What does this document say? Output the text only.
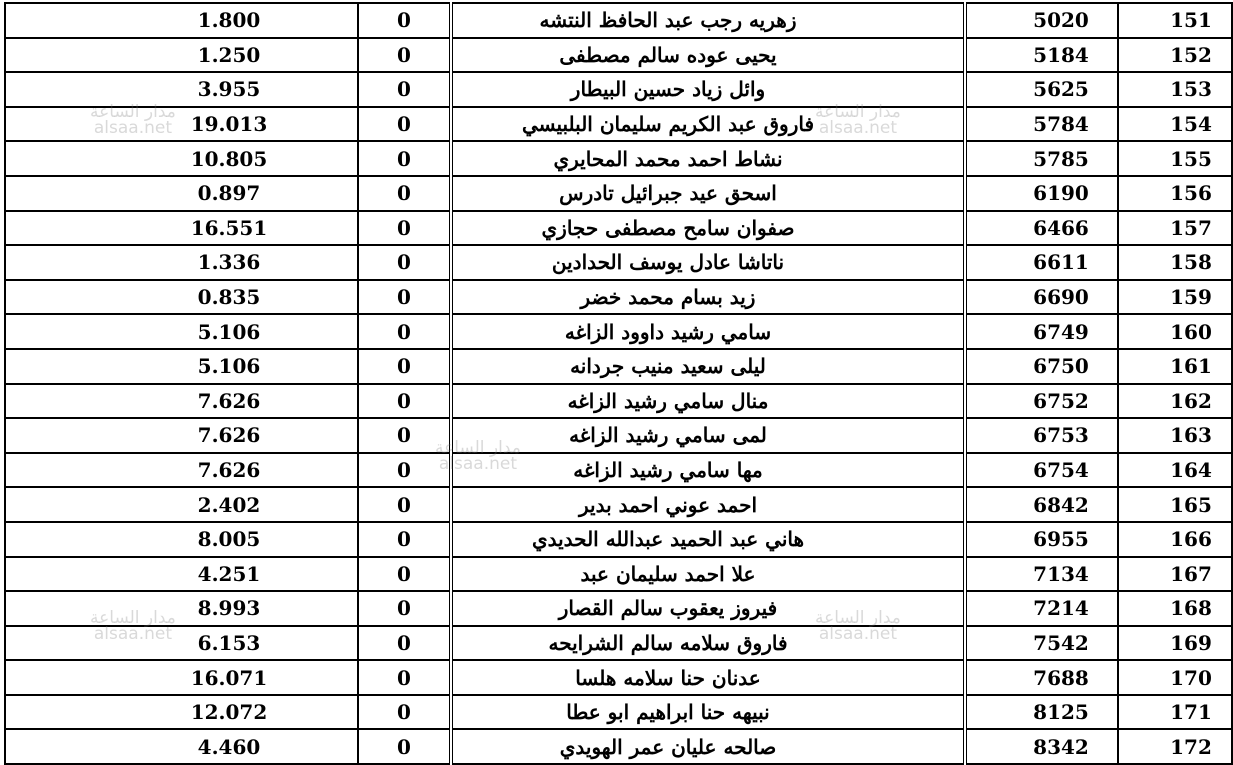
1.800	0	زهريه رجب عبد الحافظ النتشه	5020	151
1.250	0	يحيى عوده سالم مصطفى	5184	152
3.955	0	وائل زياد حسين البيطار	5625	153
19.013	0	فاروق عبد الكريم سليمان البلبيسي	5784	154
10.805	0	نشاط احمد محمد المحايري	5785	155
0.897	0	اسحق عيد جبرائيل تادرس	6190	156
16.551	0	صفوان سامح مصطفى حجازي	6466	157
1.336	0	ناتاشا عادل يوسف الحدادين	6611	158
0.835	0	زيد بسام محمد خضر	6690	159
5.106	0	سامي رشيد داوود الزاغه	6749	160
5.106	0	ليلى سعيد منيب جردانه	6750	161
7.626	0	منال سامي رشيد الزاغه	6752	162
7.626	0	لمى سامي رشيد الزاغه	6753	163
7.626	0	مها سامي رشيد الزاغه	6754	164
2.402	0	احمد عوني احمد بدير	6842	165
8.005	0	هاني عبد الحميد عبدالله الحديدي	6955	166
4.251	0	علا احمد سليمان عبد	7134	167
8.993	0	فيروز يعقوب سالم القصار	7214	168
6.153	0	فاروق سلامه سالم الشرايحه	7542	169
16.071	0	عدنان حنا سلامه هلسا	7688	170
12.072	0	نبيهه حنا ابراهيم ابو عطا	8125	171
4.460	0	صالحه عليان عمر الهويدي	8342	172
مدار الساعة
alsaa.net
مدار الساعة
alsaa.net
مدار الساعة
alsaa.net
مدار الساعة
alsaa.net
مدار الساعة
alsaa.net
